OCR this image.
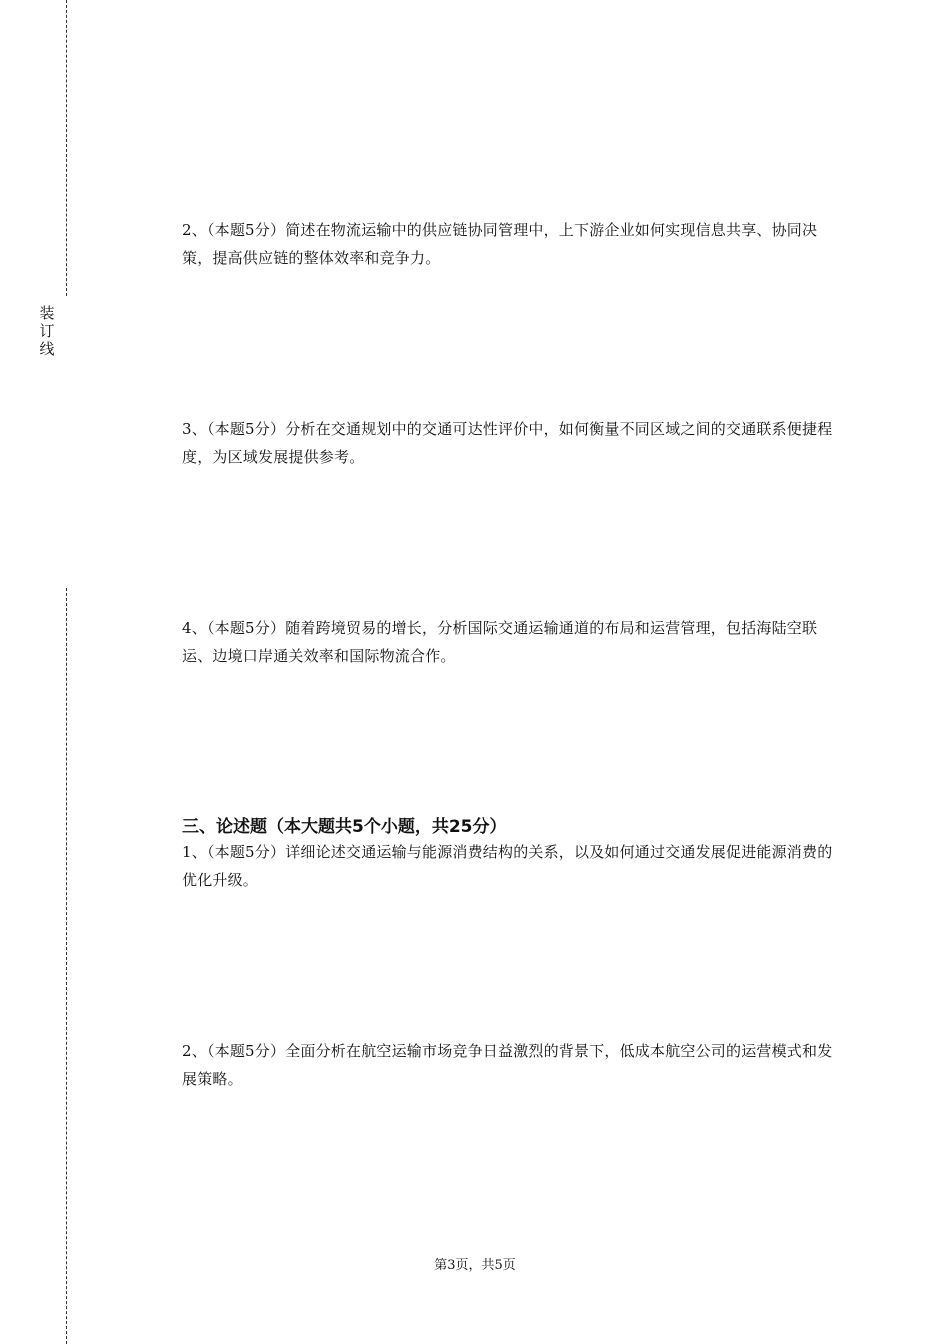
装
订
线

2、（本题5分）简述在物流运输中的供应链协同管理中，上下游企业如何实现信息共享、协同决策，提高供应链的整体效率和竞争力。

3、（本题5分）分析在交通规划中的交通可达性评价中，如何衡量不同区域之间的交通联系便捷程度，为区域发展提供参考。

4、（本题5分）随着跨境贸易的增长，分析国际交通运输通道的布局和运营管理，包括海陆空联运、边境口岸通关效率和国际物流合作。

三、论述题（本大题共5个小题，共25分）

1、（本题5分）详细论述交通运输与能源消费结构的关系，以及如何通过交通发展促进能源消费的优化升级。

2、（本题5分）全面分析在航空运输市场竞争日益激烈的背景下，低成本航空公司的运营模式和发展策略。

第3页，共5页
